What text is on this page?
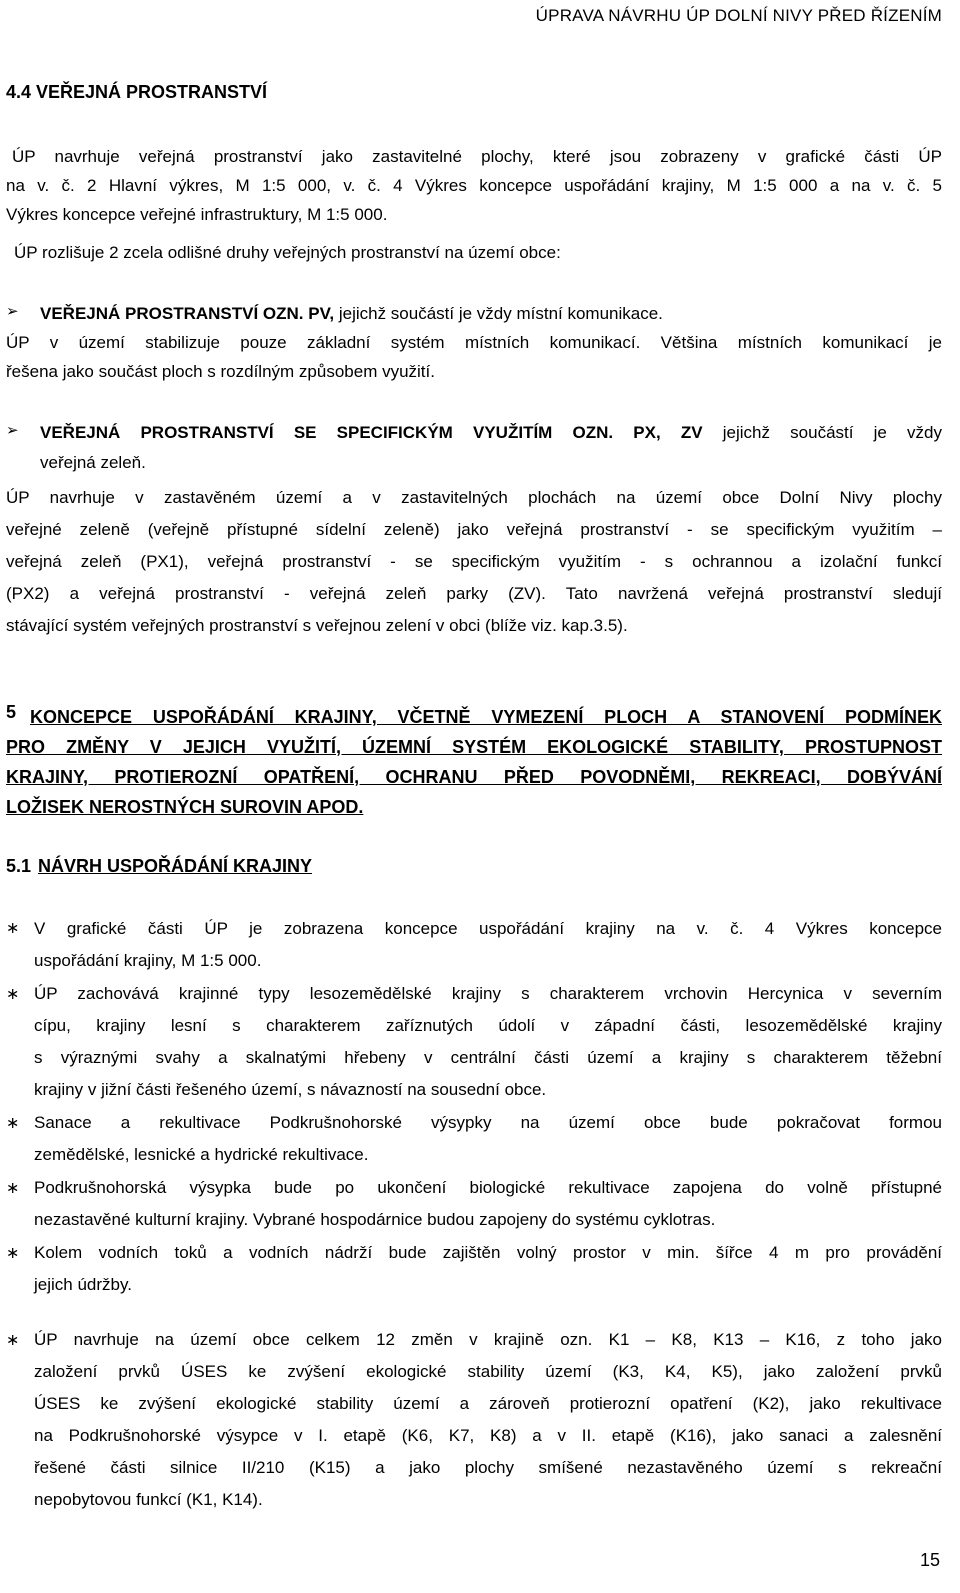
ÚPRAVA NÁVRHU ÚP DOLNÍ NIVY PŘED ŘÍZENÍM
4.4 VEŘEJNÁ PROSTRANSTVÍ
ÚP navrhuje veřejná prostranství jako zastavitelné plochy, které jsou zobrazeny v grafické části ÚP
na v. č. 2 Hlavní výkres, M 1:5 000, v. č. 4 Výkres koncepce uspořádání krajiny, M 1:5 000 a na v. č. 5
Výkres koncepce veřejné infrastruktury, M 1:5 000.
ÚP rozlišuje 2 zcela odlišné druhy veřejných prostranství na území obce:
➢ VEŘEJNÁ PROSTRANSTVÍ OZN. PV, jejichž součástí je vždy místní komunikace.
ÚP v území stabilizuje pouze základní systém místních komunikací. Většina místních komunikací je
řešena jako součást ploch s rozdílným způsobem využití.
➢ VEŘEJNÁ PROSTRANSTVÍ SE SPECIFICKÝM VYUŽITÍM OZN. PX, ZV jejichž součástí je vždy
veřejná zeleň.
ÚP navrhuje v zastavěném území a v zastavitelných plochách na území obce Dolní Nivy plochy
veřejné zeleně (veřejně přístupné sídelní zeleně) jako veřejná prostranství - se specifickým využitím –
veřejná zeleň (PX1), veřejná prostranství - se specifickým využitím - s ochrannou a izolační funkcí
(PX2) a veřejná prostranství - veřejná zeleň parky (ZV). Tato navržená veřejná prostranství sledují
stávající systém veřejných prostranství s veřejnou zelení v obci (blíže viz. kap.3.5).
5 KONCEPCE USPOŘÁDÁNÍ KRAJINY, VČETNĚ VYMEZENÍ PLOCH A STANOVENÍ PODMÍNEK
PRO ZMĚNY V JEJICH VYUŽITÍ, ÚZEMNÍ SYSTÉM EKOLOGICKÉ STABILITY, PROSTUPNOST
KRAJINY, PROTIEROZNÍ OPATŘENÍ, OCHRANU PŘED POVODNĚMI, REKREACI, DOBÝVÁNÍ
LOŽISEK NEROSTNÝCH SUROVIN APOD.
5.1 NÁVRH USPOŘÁDÁNÍ KRAJINY
∗ V grafické části ÚP je zobrazena koncepce uspořádání krajiny na v. č. 4 Výkres koncepce
uspořádání krajiny, M 1:5 000.
∗ ÚP zachovává krajinné typy lesozemědělské krajiny s charakterem vrchovin Hercynica v severním
cípu, krajiny lesní s charakterem zaříznutých údolí v západní části, lesozemědělské krajiny
s výraznými svahy a skalnatými hřebeny v centrální části území a krajiny s charakterem těžební
krajiny v jižní části řešeného území, s návazností na sousední obce.
∗ Sanace a rekultivace Podkrušnohorské výsypky na území obce bude pokračovat formou
zemědělské, lesnické a hydrické rekultivace.
∗ Podkrušnohorská výsypka bude po ukončení biologické rekultivace zapojena do volně přístupné
nezastavěné kulturní krajiny. Vybrané hospodárnice budou zapojeny do systému cyklotras.
∗ Kolem vodních toků a vodních nádrží bude zajištěn volný prostor v min. šířce 4 m pro provádění
jejich údržby.
∗ ÚP navrhuje na území obce celkem 12 změn v krajině ozn. K1 – K8, K13 – K16, z toho jako
založení prvků ÚSES ke zvýšení ekologické stability území (K3, K4, K5), jako založení prvků
ÚSES ke zvýšení ekologické stability území a zároveň protierozní opatření (K2), jako rekultivace
na Podkrušnohorské výsypce v I. etapě (K6, K7, K8) a v II. etapě (K16), jako sanaci a zalesnění
řešené části silnice II/210 (K15) a jako plochy smíšené nezastavěného území s rekreační
nepobytovou funkcí (K1, K14).
15
